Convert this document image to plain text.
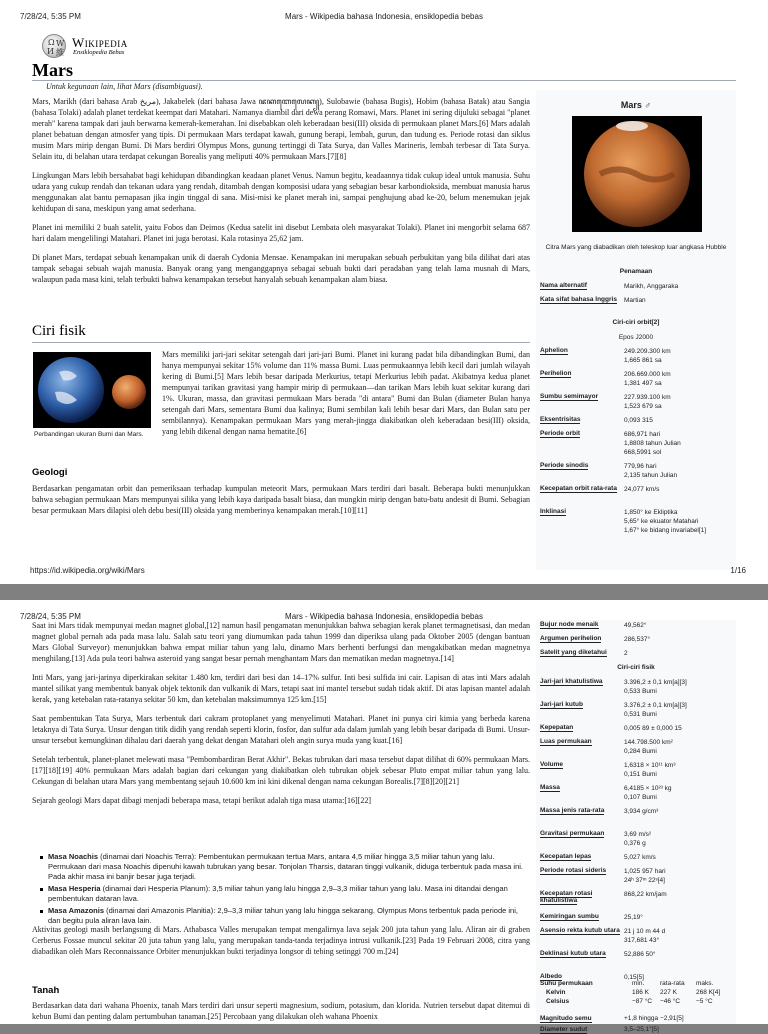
7/28/24, 5:35 PM	Mars - Wikipedia bahasa Indonesia, ensiklopedia bebas
Ω W
И 維
Wikipedia
Ensiklopedia Bebas
Mars
Untuk kegunaan lain, lihat Mars (disambiguasi).

Mars, Marikh (dari bahasa Arab مريخ), Jakabelek (dari bahasa Jawa ꦗꦏꦧꦺꦭꦺꦏ꧀), Sulobawie (bahasa Bugis), Hobim (bahasa Batak) atau Sangia (bahasa Tolaki) adalah planet terdekat keempat dari Matahari. Namanya diambil dari dewa perang Romawi, Mars. Planet ini sering dijuluki sebagai "planet merah" karena tampak dari jauh berwarna kemerah-kemerahan. Ini disebabkan oleh keberadaan besi(III) oksida di permukaan planet Mars.[6] Mars adalah planet bebatuan dengan atmosfer yang tipis. Di permukaan Mars terdapat kawah, gunung berapi, lembah, gurun, dan tudung es. Periode rotasi dan siklus musim Mars mirip dengan Bumi. Di Mars berdiri Olympus Mons, gunung tertinggi di Tata Surya, dan Valles Marineris, lembah terbesar di Tata Surya. Selain itu, di belahan utara terdapat cekungan Borealis yang meliputi 40% permukaan Mars.[7][8]

Lingkungan Mars lebih bersahabat bagi kehidupan dibandingkan keadaan planet Venus. Namun begitu, keadaannya tidak cukup ideal untuk manusia. Suhu udara yang cukup rendah dan tekanan udara yang rendah, ditambah dengan komposisi udara yang sebagian besar karbondioksida, membuat manusia harus menggunakan alat bantu pernapasan jika ingin tinggal di sana. Misi-misi ke planet merah ini, sampai penghujung abad ke-20, belum menemukan jejak kehidupan di sana, meskipun yang amat sederhana.

Planet ini memiliki 2 buah satelit, yaitu Fobos dan Deimos (Kedua satelit ini disebut Lembata oleh masyarakat Tolaki). Planet ini mengorbit selama 687 hari dalam mengelilingi Matahari. Planet ini juga berotasi. Kala rotasinya 25,62 jam.

Di planet Mars, terdapat sebuah kenampakan unik di daerah Cydonia Mensae. Kenampakan ini merupakan sebuah perbukitan yang bila dilihat dari atas tampak sebagai sebuah wajah manusia. Banyak orang yang menganggapnya sebagai sebuah bukti dari peradaban yang telah lama musnah di Mars, walaupun pada masa kini, telah terbukti bahwa kenampakan tersebut hanyalah sebuah kenampakan alam biasa.

Ciri fisik
Perbandingan ukuran Bumi dan Mars.
Mars memiliki jari-jari sekitar setengah dari jari-jari Bumi. Planet ini kurang padat bila dibandingkan Bumi, dan hanya mempunyai sekitar 15% volume dan 11% massa Bumi. Luas permukaannya lebih kecil dari jumlah wilayah kering di Bumi.[5] Mars lebih besar daripada Merkurius, tetapi Merkurius lebih padat. Akibatnya kedua planet mempunyai tarikan gravitasi yang hampir mirip di permukaan—dan tarikan Mars lebih kuat sekitar kurang dari 1%. Ukuran, massa, dan gravitasi permukaan Mars berada "di antara" Bumi dan Bulan (diameter Bulan hanya setengah dari Mars, sementara Bumi dua kalinya; Bumi sembilan kali lebih besar dari Mars, dan Bulan satu per sembilannya). Kenampakan permukaan Mars yang merah-jingga diakibatkan oleh keberadaan besi(III) oksida, yang lebih dikenal dengan nama hematite.[6]
Geologi
Berdasarkan pengamatan orbit dan pemeriksaan terhadap kumpulan meteorit Mars, permukaan Mars terdiri dari basalt. Beberapa bukti menunjukkan bahwa sebagian permukaan Mars mempunyai silika yang lebih kaya daripada basalt biasa, dan mungkin mirip dengan batu-batu andesit di Bumi. Sebagian besar permukaan Mars dilapisi oleh debu besi(III) oksida yang memberinya kenampakan merah.[10][11]
Mars ♂
Citra Mars yang diabadikan oleh teleskop luar angkasa Hubble
Penamaan
Nama alternatif	Marikh, Anggaraka
Kata sifat bahasa Inggris	Martian
Ciri-ciri orbit[2]
Epos J2000
Aphelion	249.209.300 km
1,665 861 sa
Perihelion	206.669.000 km
1,381 497 sa
Sumbu semimayor	227.939.100 km
1,523 679 sa
Eksentrisitas	0,093 315
Periode orbit	686,971 hari
1,8808 tahun Julian
668,5991 sol
Periode sinodis	779,96 hari
2,135 tahun Julian
Kecepatan orbit rata-rata	24,077 km/s
Inklinasi	1,850° ke Ekliptika
5,65° ke ekuator Matahari
1,67° ke bidang invariabel[1]
https://id.wikipedia.org/wiki/Mars	1/16
7/28/24, 5:35 PM	Mars - Wikipedia bahasa Indonesia, ensiklopedia bebas

Saat ini Mars tidak mempunyai medan magnet global,[12] namun hasil pengamatan menunjukkan bahwa sebagian kerak planet termagnetisasi, dan medan magnet global pernah ada pada masa lalu. Salah satu teori yang diumumkan pada tahun 1999 dan diperiksa ulang pada Oktober 2005 (dengan bantuan Mars Global Surveyor) menunjukkan bahwa empat miliar tahun yang lalu, dinamo Mars berhenti berfungsi dan mengakibatkan medan magnetnya menghilang.[13] Ada pula teori bahwa asteroid yang sangat besar pernah menghantam Mars dan mematikan medan magnetnya.[14]

Inti Mars, yang jari-jarinya diperkirakan sekitar 1.480 km, terdiri dari besi dan 14–17% sulfur. Inti besi sulfida ini cair. Lapisan di atas inti Mars adalah mantel silikat yang membentuk banyak objek tektonik dan vulkanik di Mars, tetapi saat ini mantel tersebut sudah tidak aktif. Di atas lapisan mantel adalah kerak, yang ketebalan rata-ratanya sekitar 50 km, dan ketebalan maksimumnya 125 km.[15]

Saat pembentukan Tata Surya, Mars terbentuk dari cakram protoplanet yang menyelimuti Matahari. Planet ini punya ciri kimia yang berbeda karena letaknya di Tata Surya. Unsur dengan titik didih yang rendah seperti klorin, fosfor, dan sulfur ada dalam jumlah yang lebih besar daripada di Bumi. Unsur-unsur tersebut kemungkinan dihalau dari daerah yang dekat dengan Matahari oleh angin surya muda yang kuat.[16]

Setelah terbentuk, planet-planet melewati masa "Pembombardiran Berat Akhir". Bekas tubrukan dari masa tersebut dapat dilihat di 60% permukaan Mars.[17][18][19] 40% permukaan Mars adalah bagian dari cekungan yang diakibatkan oleh tubrukan objek sebesar Pluto empat miliar tahun yang lalu. Cekungan di belahan utara Mars yang membentang sejauh 10.600 km ini kini dikenal dengan nama cekungan Borealis.[7][8][20][21]

Sejarah geologi Mars dapat dibagi menjadi beberapa masa, tetapi berikut adalah tiga masa utama:[16][22]

Masa Noachis (dinamai dari Noachis Terra): Pembentukan permukaan tertua Mars, antara 4,5 miliar hingga 3,5 miliar tahun yang lalu. Permukaan dari masa Noachis dipenuhi kawah tubrukan yang besar. Tonjolan Tharsis, dataran tinggi vulkanik, diduga terbentuk pada masa ini. Pada akhir masa ini banjir besar juga terjadi.
Masa Hesperia (dinamai dari Hesperia Planum): 3,5 miliar tahun yang lalu hingga 2,9–3,3 miliar tahun yang lalu. Masa ini ditandai dengan pembentukan dataran lava.
Masa Amazonis (dinamai dari Amazonis Planitia): 2,9–3,3 miliar tahun yang lalu hingga sekarang. Olympus Mons terbentuk pada periode ini, dan begitu pula aliran lava lain.
Aktivitas geologi masih berlangsung di Mars. Athabasca Valles merupakan tempat mengalirnya lava sejak 200 juta tahun yang lalu. Aliran air di graben Cerberus Fossae muncul sekitar 20 juta tahun yang lalu, yang merupakan tanda-tanda terjadinya intrusi vulkanik.[23] Pada 19 Februari 2008, citra yang diabadikan oleh Mars Reconnaissance Orbiter menunjukkan bukti terjadinya longsor di tebing setinggi 700 m.[24]
Tanah
Berdasarkan data dari wahana Phoenix, tanah Mars terdiri dari unsur seperti magnesium, sodium, potasium, dan klorida. Nutrien tersebut dapat ditemui di kebun Bumi dan penting dalam pertumbuhan tanaman.[25] Percobaan yang dilakukan oleh wahana Phoenix
Bujur node menaik	49,562°
Argumen perihelion	286,537°
Satelit yang diketahui	2
Ciri-ciri fisik
Jari-jari khatulistiwa	3.396,2 ± 0,1 km[a][3]
0,533 Bumi
Jari-jari kutub	3.376,2 ± 0,1 km[a][3]
0,531 Bumi
Kepepatan	0,005 89 ± 0,000 15
Luas permukaan	144.798.500 km²
0,284 Bumi
Volume	1,6318 × 10¹¹ km³
0,151 Bumi
Massa	6,4185 × 10²³ kg
0,107 Bumi
Massa jenis rata-rata	3,934 g/cm³
Gravitasi permukaan	3,69 m/s²
0,376 g
Kecepatan lepas	5,027 km/s
Periode rotasi sideris	1,025 957 hari
24ʰ 37ᵐ 22ˢ[4]
Kecepatan rotasi khatulistiwa
868,22 km/jam
Kemiringan sumbu	25,19°
Asensio rekta kutub utara 21 j 10 m 44 d
317,681 43°
Deklinasi kutub utara	52,886 50°
Albedo	0,15[5]
Suhu permukaan	min. rata-rata maks.
Kelvin	186 K 227 K	268 K[4]
Celsius	−87 °C −46 °C −5 °C
Magnitudo semu	+1,8 hingga −2,91[5]
Diameter sudut	3,5–25,1″[5]
